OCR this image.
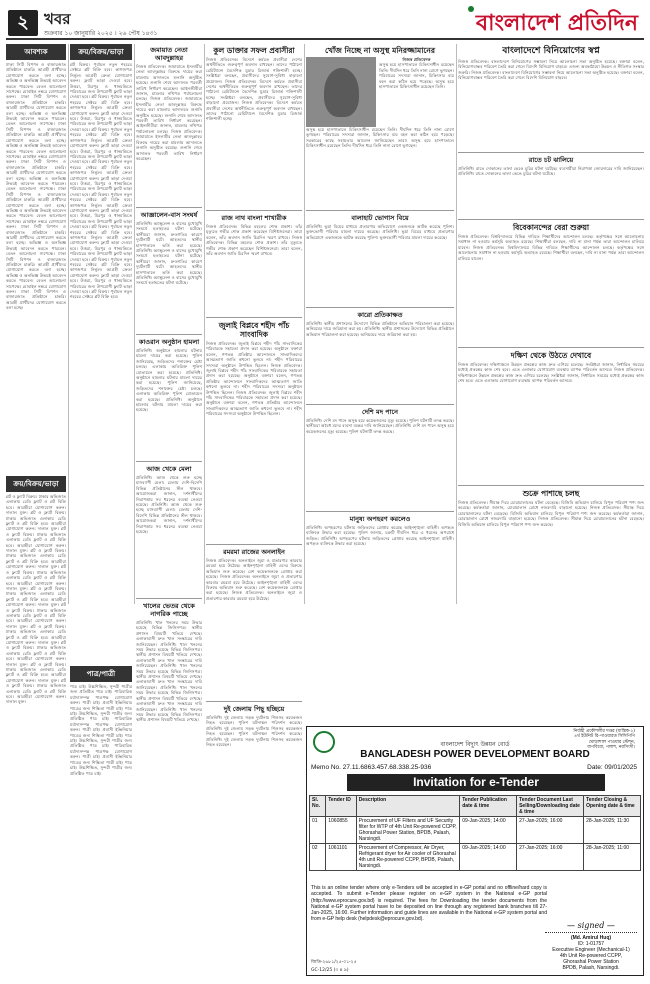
২	খবর
শুক্রবার ১০ জানুয়ারি ২০২৫ । ২৬ পৌষ ১৪৩১	বাংলাদেশ প্রতিদিন
আবশ্যক
ঢাকা সিটি বিপণন ও বাজারজাত প্রতিষ্ঠানে চাকরি। আগ্রহী প্রার্থীদের যোগাযোগ করতে বলা হচ্ছে। অভিজ্ঞ ও অনভিজ্ঞ উভয়ই আবেদন করতে পারবেন। বেতন আলোচনা সাপেক্ষে। মোবাইল নম্বরে যোগাযোগ করুন। ঢাকা সিটি বিপণন ও বাজারজাত প্রতিষ্ঠানে চাকরি। আগ্রহী প্রার্থীদের যোগাযোগ করতে বলা হচ্ছে। অভিজ্ঞ ও অনভিজ্ঞ উভয়ই আবেদন করতে পারবেন। বেতন আলোচনা সাপেক্ষে। ঢাকা সিটি বিপণন ও বাজারজাত প্রতিষ্ঠানে চাকরি। আগ্রহী প্রার্থীদের যোগাযোগ করতে বলা হচ্ছে। অভিজ্ঞ ও অনভিজ্ঞ উভয়ই আবেদন করতে পারবেন। বেতন আলোচনা সাপেক্ষে। মোবাইল নম্বরে যোগাযোগ করুন। ঢাকা সিটি বিপণন ও বাজারজাত প্রতিষ্ঠানে চাকরি। আগ্রহী প্রার্থীদের যোগাযোগ করতে বলা হচ্ছে। অভিজ্ঞ ও অনভিজ্ঞ উভয়ই আবেদন করতে পারবেন। বেতন আলোচনা সাপেক্ষে। ঢাকা সিটি বিপণন ও বাজারজাত প্রতিষ্ঠানে চাকরি। আগ্রহী প্রার্থীদের যোগাযোগ করতে বলা হচ্ছে। অভিজ্ঞ ও অনভিজ্ঞ উভয়ই আবেদন করতে পারবেন। বেতন আলোচনা সাপেক্ষে। মোবাইল নম্বরে যোগাযোগ করুন। ঢাকা সিটি বিপণন ও বাজারজাত প্রতিষ্ঠানে চাকরি। আগ্রহী প্রার্থীদের যোগাযোগ করতে বলা হচ্ছে। অভিজ্ঞ ও অনভিজ্ঞ উভয়ই আবেদন করতে পারবেন। বেতন আলোচনা সাপেক্ষে। ঢাকা সিটি বিপণন ও বাজারজাত প্রতিষ্ঠানে চাকরি। আগ্রহী প্রার্থীদের যোগাযোগ করতে বলা হচ্ছে। অভিজ্ঞ ও অনভিজ্ঞ উভয়ই আবেদন করতে পারবেন। বেতন আলোচনা সাপেক্ষে। মোবাইল নম্বরে যোগাযোগ করুন। ঢাকা সিটি বিপণন ও বাজারজাত প্রতিষ্ঠানে চাকরি। আগ্রহী প্রার্থীদের যোগাযোগ করতে বলা হচ্ছে।
ক্রয়/বিক্রয়/ভাড়া
প্লট ও ফ্ল্যাট বিক্রয়। ঢাকার অভিজাত এলাকায় রেডি ফ্ল্যাট ও প্লট বিক্রি হবে। আগ্রহীরা যোগাযোগ করুন। দালাল মুক্ত। প্লট ও ফ্ল্যাট বিক্রয়। ঢাকার অভিজাত এলাকায় রেডি ফ্ল্যাট ও প্লট বিক্রি হবে। আগ্রহীরা যোগাযোগ করুন। দালাল মুক্ত। প্লট ও ফ্ল্যাট বিক্রয়। ঢাকার অভিজাত এলাকায় রেডি ফ্ল্যাট ও প্লট বিক্রি হবে। আগ্রহীরা যোগাযোগ করুন। দালাল মুক্ত। প্লট ও ফ্ল্যাট বিক্রয়। ঢাকার অভিজাত এলাকায় রেডি ফ্ল্যাট ও প্লট বিক্রি হবে। আগ্রহীরা যোগাযোগ করুন। দালাল মুক্ত। প্লট ও ফ্ল্যাট বিক্রয়। ঢাকার অভিজাত এলাকায় রেডি ফ্ল্যাট ও প্লট বিক্রি হবে। আগ্রহীরা যোগাযোগ করুন। দালাল মুক্ত। প্লট ও ফ্ল্যাট বিক্রয়। ঢাকার অভিজাত এলাকায় রেডি ফ্ল্যাট ও প্লট বিক্রি হবে। আগ্রহীরা যোগাযোগ করুন। দালাল মুক্ত। প্লট ও ফ্ল্যাট বিক্রয়। ঢাকার অভিজাত এলাকায় রেডি ফ্ল্যাট ও প্লট বিক্রি হবে। আগ্রহীরা যোগাযোগ করুন। দালাল মুক্ত। প্লট ও ফ্ল্যাট বিক্রয়। ঢাকার অভিজাত এলাকায় রেডি ফ্ল্যাট ও প্লট বিক্রি হবে। আগ্রহীরা যোগাযোগ করুন। দালাল মুক্ত। প্লট ও ফ্ল্যাট বিক্রয়। ঢাকার অভিজাত এলাকায় রেডি ফ্ল্যাট ও প্লট বিক্রি হবে। আগ্রহীরা যোগাযোগ করুন। দালাল মুক্ত। প্লট ও ফ্ল্যাট বিক্রয়। ঢাকার অভিজাত এলাকায় রেডি ফ্ল্যাট ও প্লট বিক্রি হবে। আগ্রহীরা যোগাযোগ করুন। দালাল মুক্ত। প্লট ও ফ্ল্যাট বিক্রয়। ঢাকার অভিজাত এলাকায় রেডি ফ্ল্যাট ও প্লট বিক্রি হবে। আগ্রহীরা যোগাযোগ করুন। দালাল মুক্ত।
ক্রয়/বিক্রয়/ভাড়া
প্লট বিক্রয়। পূর্বাচল নতুন শহরের সেক্টরে প্লট বিক্রি হবে। কাগজপত্র নির্ভুল। আগ্রহী ক্রেতা যোগাযোগ করুন। ফ্ল্যাট ভাড়া দেওয়া হবে। উত্তরা, মিরপুর ও ধানমন্ডিতে পরিবারের জন্য উপযোগী ফ্ল্যাট ভাড়া দেওয়া হবে। প্লট বিক্রয়। পূর্বাচল নতুন শহরের সেক্টরে প্লট বিক্রি হবে। কাগজপত্র নির্ভুল। আগ্রহী ক্রেতা যোগাযোগ করুন। ফ্ল্যাট ভাড়া দেওয়া হবে। উত্তরা, মিরপুর ও ধানমন্ডিতে পরিবারের জন্য উপযোগী ফ্ল্যাট ভাড়া দেওয়া হবে। প্লট বিক্রয়। পূর্বাচল নতুন শহরের সেক্টরে প্লট বিক্রি হবে। কাগজপত্র নির্ভুল। আগ্রহী ক্রেতা যোগাযোগ করুন। ফ্ল্যাট ভাড়া দেওয়া হবে। উত্তরা, মিরপুর ও ধানমন্ডিতে পরিবারের জন্য উপযোগী ফ্ল্যাট ভাড়া দেওয়া হবে। প্লট বিক্রয়। পূর্বাচল নতুন শহরের সেক্টরে প্লট বিক্রি হবে। কাগজপত্র নির্ভুল। আগ্রহী ক্রেতা যোগাযোগ করুন। ফ্ল্যাট ভাড়া দেওয়া হবে। উত্তরা, মিরপুর ও ধানমন্ডিতে পরিবারের জন্য উপযোগী ফ্ল্যাট ভাড়া দেওয়া হবে। প্লট বিক্রয়। পূর্বাচল নতুন শহরের সেক্টরে প্লট বিক্রি হবে। কাগজপত্র নির্ভুল। আগ্রহী ক্রেতা যোগাযোগ করুন। ফ্ল্যাট ভাড়া দেওয়া হবে। উত্তরা, মিরপুর ও ধানমন্ডিতে পরিবারের জন্য উপযোগী ফ্ল্যাট ভাড়া দেওয়া হবে। প্লট বিক্রয়। পূর্বাচল নতুন শহরের সেক্টরে প্লট বিক্রি হবে। কাগজপত্র নির্ভুল। আগ্রহী ক্রেতা যোগাযোগ করুন। ফ্ল্যাট ভাড়া দেওয়া হবে। উত্তরা, মিরপুর ও ধানমন্ডিতে পরিবারের জন্য উপযোগী ফ্ল্যাট ভাড়া দেওয়া হবে। প্লট বিক্রয়। পূর্বাচল নতুন শহরের সেক্টরে প্লট বিক্রি হবে। কাগজপত্র নির্ভুল। আগ্রহী ক্রেতা যোগাযোগ করুন। ফ্ল্যাট ভাড়া দেওয়া হবে। উত্তরা, মিরপুর ও ধানমন্ডিতে পরিবারের জন্য উপযোগী ফ্ল্যাট ভাড়া দেওয়া হবে। প্লট বিক্রয়। পূর্বাচল নতুন শহরের সেক্টরে প্লট বিক্রি হবে।
পাত্র/পাত্রী
পাত্র চাই। উচ্চশিক্ষিত, সুন্দরী পাত্রীর জন্য প্রতিষ্ঠিত পাত্র চাই। পারিবারিক মর্যাদাসম্পন্ন পাত্রপক্ষ যোগাযোগ করুন। পাত্রী চাই। প্রবাসী ইঞ্জিনিয়ার পাত্রের জন্য শিক্ষিতা পাত্রী চাই। পাত্র চাই। উচ্চশিক্ষিত, সুন্দরী পাত্রীর জন্য প্রতিষ্ঠিত পাত্র চাই। পারিবারিক মর্যাদাসম্পন্ন পাত্রপক্ষ যোগাযোগ করুন। পাত্রী চাই। প্রবাসী ইঞ্জিনিয়ার পাত্রের জন্য শিক্ষিতা পাত্রী চাই। পাত্র চাই। উচ্চশিক্ষিত, সুন্দরী পাত্রীর জন্য প্রতিষ্ঠিত পাত্র চাই। পারিবারিক মর্যাদাসম্পন্ন পাত্রপক্ষ যোগাযোগ করুন। পাত্রী চাই। প্রবাসী ইঞ্জিনিয়ার পাত্রের জন্য শিক্ষিতা পাত্রী চাই। পাত্র চাই। উচ্চশিক্ষিত, সুন্দরী পাত্রীর জন্য প্রতিষ্ঠিত পাত্র চাই।
জমায়াত নেতা আবদুল্লাহর
নিজস্ব প্রতিবেদক। জামায়াতে ইসলামীর নেতা আবদুল্লাহর বিরুদ্ধে দায়ের করা মামলায় আদালতে শুনানি অনুষ্ঠিত হয়েছে। শুনানি শেষে আদালত পরবর্তী তারিখ নির্ধারণ করেছেন। আইনজীবীরা জানান, মামলার নথিপত্র পর্যালোচনা চলছে। নিজস্ব প্রতিবেদক। জামায়াতে ইসলামীর নেতা আবদুল্লাহর বিরুদ্ধে দায়ের করা মামলায় আদালতে শুনানি অনুষ্ঠিত হয়েছে। শুনানি শেষে আদালত পরবর্তী তারিখ নির্ধারণ করেছেন। আইনজীবীরা জানান, মামলার নথিপত্র পর্যালোচনা চলছে। নিজস্ব প্রতিবেদক। জামায়াতে ইসলামীর নেতা আবদুল্লাহর বিরুদ্ধে দায়ের করা মামলায় আদালতে শুনানি অনুষ্ঠিত হয়েছে। শুনানি শেষে আদালত পরবর্তী তারিখ নির্ধারণ করেছেন।
আজ্ঞালেন-বাস সংঘর্ষ
প্রতিনিধি। অ্যাম্বুলেন্স ও বাসের মুখোমুখি সংঘর্ষে হতাহতের ঘটনা ঘটেছে। স্থানীয়রা জানান, দ্রুতগতির কারণে দুর্ঘটনাটি ঘটে। আহতদের স্থানীয় হাসপাতালে ভর্তি করা হয়েছে। প্রতিনিধি। অ্যাম্বুলেন্স ও বাসের মুখোমুখি সংঘর্ষে হতাহতের ঘটনা ঘটেছে। স্থানীয়রা জানান, দ্রুতগতির কারণে দুর্ঘটনাটি ঘটে। আহতদের স্থানীয় হাসপাতালে ভর্তি করা হয়েছে। প্রতিনিধি। অ্যাম্বুলেন্স ও বাসের মুখোমুখি সংঘর্ষে হতাহতের ঘটনা ঘটেছে।
কাওরান অনুষ্ঠান হামলা
প্রতিনিধি। অনুষ্ঠানে হামলার ঘটনায় মামলা দায়ের করা হয়েছে। পুলিশ জানিয়েছে, জড়িতদের শনাক্তের চেষ্টা চলছে। এলাকায় অতিরিক্ত পুলিশ মোতায়েন করা হয়েছে। প্রতিনিধি। অনুষ্ঠানে হামলার ঘটনায় মামলা দায়ের করা হয়েছে। পুলিশ জানিয়েছে, জড়িতদের শনাক্তের চেষ্টা চলছে। এলাকায় অতিরিক্ত পুলিশ মোতায়েন করা হয়েছে। প্রতিনিধি। অনুষ্ঠানে হামলার ঘটনায় মামলা দায়ের করা হয়েছে।
আজ খেকে মেলা
প্রতিনিধি। আজ থেকে শুরু হচ্ছে মাসব্যাপী মেলা। মেলায় দেশি-বিদেশি বিভিন্ন প্রতিষ্ঠানের স্টল থাকবে। আয়োজকরা জানান, দর্শনার্থীদের নিরাপত্তায় সব ধরনের ব্যবস্থা নেওয়া হয়েছে। প্রতিনিধি। আজ থেকে শুরু হচ্ছে মাসব্যাপী মেলা। মেলায় দেশি-বিদেশি বিভিন্ন প্রতিষ্ঠানের স্টল থাকবে। আয়োজকরা জানান, দর্শনার্থীদের নিরাপত্তায় সব ধরনের ব্যবস্থা নেওয়া হয়েছে।
খালের ভেতর থেকে নাগরিক পাচ্ছে
প্রতিনিধি। খাল খননের সময় উদ্ধার হয়েছে বিভিন্ন জিনিসপত্র। স্থানীয় প্রশাসন বিষয়টি খতিয়ে দেখছে। এলাকাবাসী দ্রুত খাল সংস্কারের দাবি জানিয়েছেন। প্রতিনিধি। খাল খননের সময় উদ্ধার হয়েছে বিভিন্ন জিনিসপত্র। স্থানীয় প্রশাসন বিষয়টি খতিয়ে দেখছে। এলাকাবাসী দ্রুত খাল সংস্কারের দাবি জানিয়েছেন। প্রতিনিধি। খাল খননের সময় উদ্ধার হয়েছে বিভিন্ন জিনিসপত্র। স্থানীয় প্রশাসন বিষয়টি খতিয়ে দেখছে। এলাকাবাসী দ্রুত খাল সংস্কারের দাবি জানিয়েছেন। প্রতিনিধি। খাল খননের সময় উদ্ধার হয়েছে বিভিন্ন জিনিসপত্র। স্থানীয় প্রশাসন বিষয়টি খতিয়ে দেখছে। এলাকাবাসী দ্রুত খাল সংস্কারের দাবি জানিয়েছেন। প্রতিনিধি। খাল খননের সময় উদ্ধার হয়েছে বিভিন্ন জিনিসপত্র। স্থানীয় প্রশাসন বিষয়টি খতিয়ে দেখছে।
কুল ডাক্তার সফল প্রবাসীরা
নিজস্ব প্রতিবেদক। বিদেশে কর্মরত প্রবাসীরা দেশের অর্থনীতিতে গুরুত্বপূর্ণ অবদান রাখছেন। তাদের পাঠানো রেমিট্যান্সে বৈদেশিক মুদ্রার রিজার্ভ শক্তিশালী হচ্ছে। সংশ্লিষ্টরা বলছেন, প্রবাসীদের সুযোগ-সুবিধা বাড়ানো প্রয়োজন। নিজস্ব প্রতিবেদক। বিদেশে কর্মরত প্রবাসীরা দেশের অর্থনীতিতে গুরুত্বপূর্ণ অবদান রাখছেন। তাদের পাঠানো রেমিট্যান্সে বৈদেশিক মুদ্রার রিজার্ভ শক্তিশালী হচ্ছে। সংশ্লিষ্টরা বলছেন, প্রবাসীদের সুযোগ-সুবিধা বাড়ানো প্রয়োজন। নিজস্ব প্রতিবেদক। বিদেশে কর্মরত প্রবাসীরা দেশের অর্থনীতিতে গুরুত্বপূর্ণ অবদান রাখছেন। তাদের পাঠানো রেমিট্যান্সে বৈদেশিক মুদ্রার রিজার্ভ শক্তিশালী হচ্ছে।
রাজ নাথ বাংলা শাখারীক
নিজস্ব প্রতিবেদক। বিভিন্ন মহলের শোক প্রকাশ। তাঁর মৃত্যুতে গভীর শোক প্রকাশ করেছেন বিশিষ্টজনেরা। তারা বলেন, তাঁর অবদান জাতি চিরদিন স্মরণ রাখবে। নিজস্ব প্রতিবেদক। বিভিন্ন মহলের শোক প্রকাশ। তাঁর মৃত্যুতে গভীর শোক প্রকাশ করেছেন বিশিষ্টজনেরা। তারা বলেন, তাঁর অবদান জাতি চিরদিন স্মরণ রাখবে।
জুলাই বিপ্লবে শহীদ পাঁচ সাংবাদিক
নিজস্ব প্রতিবেদক। জুলাই বিপ্লবে শহীদ পাঁচ সাংবাদিকের পরিবারকে সহায়তা প্রদান করা হয়েছে। অনুষ্ঠানে বক্তারা বলেন, গণতন্ত্র প্রতিষ্ঠার আন্দোলনে সাংবাদিকদের আত্মত্যাগ জাতি কখনো ভুলবে না। শহীদ পরিবারের সদস্যরা অনুষ্ঠানে উপস্থিত ছিলেন। নিজস্ব প্রতিবেদক। জুলাই বিপ্লবে শহীদ পাঁচ সাংবাদিকের পরিবারকে সহায়তা প্রদান করা হয়েছে। অনুষ্ঠানে বক্তারা বলেন, গণতন্ত্র প্রতিষ্ঠার আন্দোলনে সাংবাদিকদের আত্মত্যাগ জাতি কখনো ভুলবে না। শহীদ পরিবারের সদস্যরা অনুষ্ঠানে উপস্থিত ছিলেন। নিজস্ব প্রতিবেদক। জুলাই বিপ্লবে শহীদ পাঁচ সাংবাদিকের পরিবারকে সহায়তা প্রদান করা হয়েছে। অনুষ্ঠানে বক্তারা বলেন, গণতন্ত্র প্রতিষ্ঠার আন্দোলনে সাংবাদিকদের আত্মত্যাগ জাতি কখনো ভুলবে না। শহীদ পরিবারের সদস্যরা অনুষ্ঠানে উপস্থিত ছিলেন।
রমরমা রাজের অনলাইন
নিজস্ব প্রতিবেদক। অনলাইনে জুয়া ও প্রতারণার কারবার রমরমা হয়ে উঠেছে। আইনশৃঙ্খলা বাহিনী এদের বিরুদ্ধে অভিযান শুরু করেছে। বেশ কয়েকজনকে গ্রেপ্তার করা হয়েছে। নিজস্ব প্রতিবেদক। অনলাইনে জুয়া ও প্রতারণার কারবার রমরমা হয়ে উঠেছে। আইনশৃঙ্খলা বাহিনী এদের বিরুদ্ধে অভিযান শুরু করেছে। বেশ কয়েকজনকে গ্রেপ্তার করা হয়েছে। নিজস্ব প্রতিবেদক। অনলাইনে জুয়া ও প্রতারণার কারবার রমরমা হয়ে উঠেছে।
দুই জেলায় পিছু হচ্ছিয়ে
প্রতিনিধি। দুই জেলায় সড়ক দুর্ঘটনায় শিশুসহ কয়েকজন নিহত হয়েছেন। পুলিশ ঘটনাস্থল পরিদর্শন করেছে। প্রতিনিধি। দুই জেলায় সড়ক দুর্ঘটনায় শিশুসহ কয়েকজন নিহত হয়েছেন। পুলিশ ঘটনাস্থল পরিদর্শন করেছে। প্রতিনিধি। দুই জেলায় সড়ক দুর্ঘটনায় শিশুসহ কয়েকজন নিহত হয়েছেন।
খোঁজ নিচ্ছে না অসুস্থ মনিরজ্জামানের
নিজস্ব প্রতিবেদক
অসুস্থ হয়ে হাসপাতালে চিকিৎসাধীন রয়েছেন তিনি। দীর্ঘদিন ধরে তিনি নানা রোগে ভুগছেন। পরিবারের সদস্যরা জানান, চিকিৎসার ব্যয় বহন করা কঠিন হয়ে পড়েছে। অসুস্থ হয়ে হাসপাতালে চিকিৎসাধীন রয়েছেন তিনি।
অসুস্থ হয়ে হাসপাতালে চিকিৎসাধীন রয়েছেন তিনি। দীর্ঘদিন ধরে তিনি নানা রোগে ভুগছেন। পরিবারের সদস্যরা জানান, চিকিৎসার ব্যয় বহন করা কঠিন হয়ে পড়েছে। সরকারের কাছে সহায়তার আবেদন জানিয়েছেন তারা। অসুস্থ হয়ে হাসপাতালে চিকিৎসাধীন রয়েছেন তিনি। দীর্ঘদিন ধরে তিনি নানা রোগে ভুগছেন।
বালাহাট ভোগাস বিয়ে
প্রতিনিধি। ভুয়া বিয়ের মাধ্যমে প্রতারণার অভিযোগে একজনকে আটক করেছে পুলিশ। ভুক্তভোগী পরিবার মামলা দায়ের করেছে। প্রতিনিধি। ভুয়া বিয়ের মাধ্যমে প্রতারণার অভিযোগে একজনকে আটক করেছে পুলিশ। ভুক্তভোগী পরিবার মামলা দায়ের করেছে।
কারো প্রতিকাক্ষত
প্রতিনিধি। স্থানীয় প্রশাসনের উদ্যোগে বিভিন্ন প্রতিষ্ঠানে অভিযান পরিচালনা করা হয়েছে। অনিয়মের দায়ে জরিমানা করা হয়। প্রতিনিধি। স্থানীয় প্রশাসনের উদ্যোগে বিভিন্ন প্রতিষ্ঠানে অভিযান পরিচালনা করা হয়েছে। অনিয়মের দায়ে জরিমানা করা হয়।
দেশি মদ পানে
প্রতিনিধি। দেশি মদ পানে অসুস্থ হয়ে কয়েকজনের মৃত্যু হয়েছে। পুলিশ ঘটনাটি তদন্ত করছে। স্থানীয়রা অবৈধ মদের ব্যবসা বন্ধের দাবি জানিয়েছেন। প্রতিনিধি। দেশি মদ পানে অসুস্থ হয়ে কয়েকজনের মৃত্যু হয়েছে। পুলিশ ঘটনাটি তদন্ত করছে।
মানুষ্য অপহরণ করলেও
প্রতিনিধি। অপহরণের ঘটনায় জড়িতদের গ্রেপ্তার করেছে আইনশৃঙ্খলা বাহিনী। অপহৃত ব্যক্তিকে উদ্ধার করা হয়েছে। পুলিশ জানায়, চক্রটি দীর্ঘদিন ধরে এ ধরনের অপরাধে জড়িত। প্রতিনিধি। অপহরণের ঘটনায় জড়িতদের গ্রেপ্তার করেছে আইনশৃঙ্খলা বাহিনী। অপহৃত ব্যক্তিকে উদ্ধার করা হয়েছে।
বাংলাদেশে বিনিয়োগের স্বপ্ন
নিজস্ব প্রতিবেদক। বাংলাদেশে বিনিয়োগের সম্ভাবনা নিয়ে আলোচনা সভা অনুষ্ঠিত হয়েছে। বক্তারা বলেন, বিনিয়োগবান্ধব পরিবেশ তৈরি করা গেলে বিদেশি বিনিয়োগ বাড়বে। এজন্য অবকাঠামো উন্নয়ন ও নীতিগত সংস্কার জরুরি। নিজস্ব প্রতিবেদক। বাংলাদেশে বিনিয়োগের সম্ভাবনা নিয়ে আলোচনা সভা অনুষ্ঠিত হয়েছে। বক্তারা বলেন, বিনিয়োগবান্ধব পরিবেশ তৈরি করা গেলে বিদেশি বিনিয়োগ বাড়বে।
রাতে চট ঝালিয়ে
প্রতিনিধি। রাতে দোকানের তালা ভেঙে চুরির ঘটনা ঘটেছে। ব্যবসায়ীরা নিরাপত্তা জোরদারের দাবি জানিয়েছেন। প্রতিনিধি। রাতে দোকানের তালা ভেঙে চুরির ঘটনা ঘটেছে।
বিবেকানন্দের বেরা শুরুয়া
নিজস্ব প্রতিবেদক। বিশ্ববিদ্যালয়ে বিভিন্ন দাবিতে শিক্ষার্থীদের আন্দোলন চলছে। কর্তৃপক্ষের সঙ্গে আলোচনায় সমাধান না হওয়ায় কর্মসূচি অব্যাহত রয়েছে। শিক্ষার্থীরা বলছেন, দাবি না মানা পর্যন্ত তারা আন্দোলন চালিয়ে যাবেন। নিজস্ব প্রতিবেদক। বিশ্ববিদ্যালয়ে বিভিন্ন দাবিতে শিক্ষার্থীদের আন্দোলন চলছে। কর্তৃপক্ষের সঙ্গে আলোচনায় সমাধান না হওয়ায় কর্মসূচি অব্যাহত রয়েছে। শিক্ষার্থীরা বলছেন, দাবি না মানা পর্যন্ত তারা আন্দোলন চালিয়ে যাবেন।
দক্ষিণ থেকে উঠতে দেখাবে
নিজস্ব প্রতিবেদক। দক্ষিণাঞ্চলে উন্নয়ন প্রকল্পের কাজ দ্রুত এগিয়ে চলেছে। সংশ্লিষ্টরা জানান, নির্ধারিত সময়ের মধ্যেই প্রকল্পের কাজ শেষ হবে। এতে এলাকার যোগাযোগ ব্যবস্থায় ব্যাপক পরিবর্তন আসবে। নিজস্ব প্রতিবেদক। দক্ষিণাঞ্চলে উন্নয়ন প্রকল্পের কাজ দ্রুত এগিয়ে চলেছে। সংশ্লিষ্টরা জানান, নির্ধারিত সময়ের মধ্যেই প্রকল্পের কাজ শেষ হবে। এতে এলাকার যোগাযোগ ব্যবস্থায় ব্যাপক পরিবর্তন আসবে।
শুক্রে পাশাছে চলছ
নিজস্ব প্রতিবেদক। সীমান্ত দিয়ে চোরাচালানের ঘটনা বেড়েছে। বিজিবি অভিযান চালিয়ে বিপুল পরিমাণ পণ্য জব্দ করেছে। কর্মকর্তারা জানান, চোরাচালান রোধে নজরদারি বাড়ানো হয়েছে। নিজস্ব প্রতিবেদক। সীমান্ত দিয়ে চোরাচালানের ঘটনা বেড়েছে। বিজিবি অভিযান চালিয়ে বিপুল পরিমাণ পণ্য জব্দ করেছে। কর্মকর্তারা জানান, চোরাচালান রোধে নজরদারি বাড়ানো হয়েছে। নিজস্ব প্রতিবেদক। সীমান্ত দিয়ে চোরাচালানের ঘটনা বেড়েছে। বিজিবি অভিযান চালিয়ে বিপুল পরিমাণ পণ্য জব্দ করেছে।
নির্বাহী প্রকৌশলীর দপ্তর (যান্ত্রিক-১)
৪র্থ ইউনিট রি-পাওয়ারড সিসিপিপি
ঘোড়াশাল পাওয়ার স্টেশন,
বাপবিবো, পলাশ, নরসিংদী।
বাংলাদেশ বিদ্যুৎ উন্নয়ন বোর্ড
BANGLADESH POWER DEVELOPMENT BOARD
Memo No. 27.11.6863.457.68.338.25-936	Date: 09/01/2025
Invitation for e-Tender
Sl. No.	Tender ID	Description	Tender Publication date & time	Tender Document Last Selling/Downloading date & time	Tender Closing & Opening date & time
01	1060855	Procurement of UF Filters and UF Security filter for WTP of 4th Unit Re-powered CCPP, Ghorashal Power Station, BPDB, Palash, Narsingdi.	09-Jan-2025; 14:00	27-Jan-2025; 16:00	28-Jan-2025; 11:30
02	1061101	Procurement of Compressor, Air Dryer, Refrigerant dryer for Air cooler of Ghorashal 4th unit Re-powered CCPP, BPDB, Palash, Narsingdi.	09-Jan-2025; 14:00	27-Jan-2025; 16:00	28-Jan-2025; 11:00
This is an online tender where only e-Tenders will be accepted in e-GP portal and no offline/hard copy is accepted. To submit e-Tender please register on e-GP system in the National e-GP portal (http://www.eprocure.gov.bd) is required. The fees for Downloading the tender documents from the National e-GP system portal have to be deposited on line through any registered bank branches till 27-Jan-2025, 16:00. Further information and guide lines are available in the National e-GP system portal and from e-GP help desk (helpdesk@eprocure.gov.bd).
— signed —
(Md. Amirul Huq)
ID: 1-01757
Executive Engineer (Mechanical-1)
4th Unit Re-powered CCPP,
Ghorashal Power Station
BPDB, Palash, Narsingdi.
জিডি-২৬৮১/২৫-০১-২৫
GC-12/25 (৩ x ৯)
